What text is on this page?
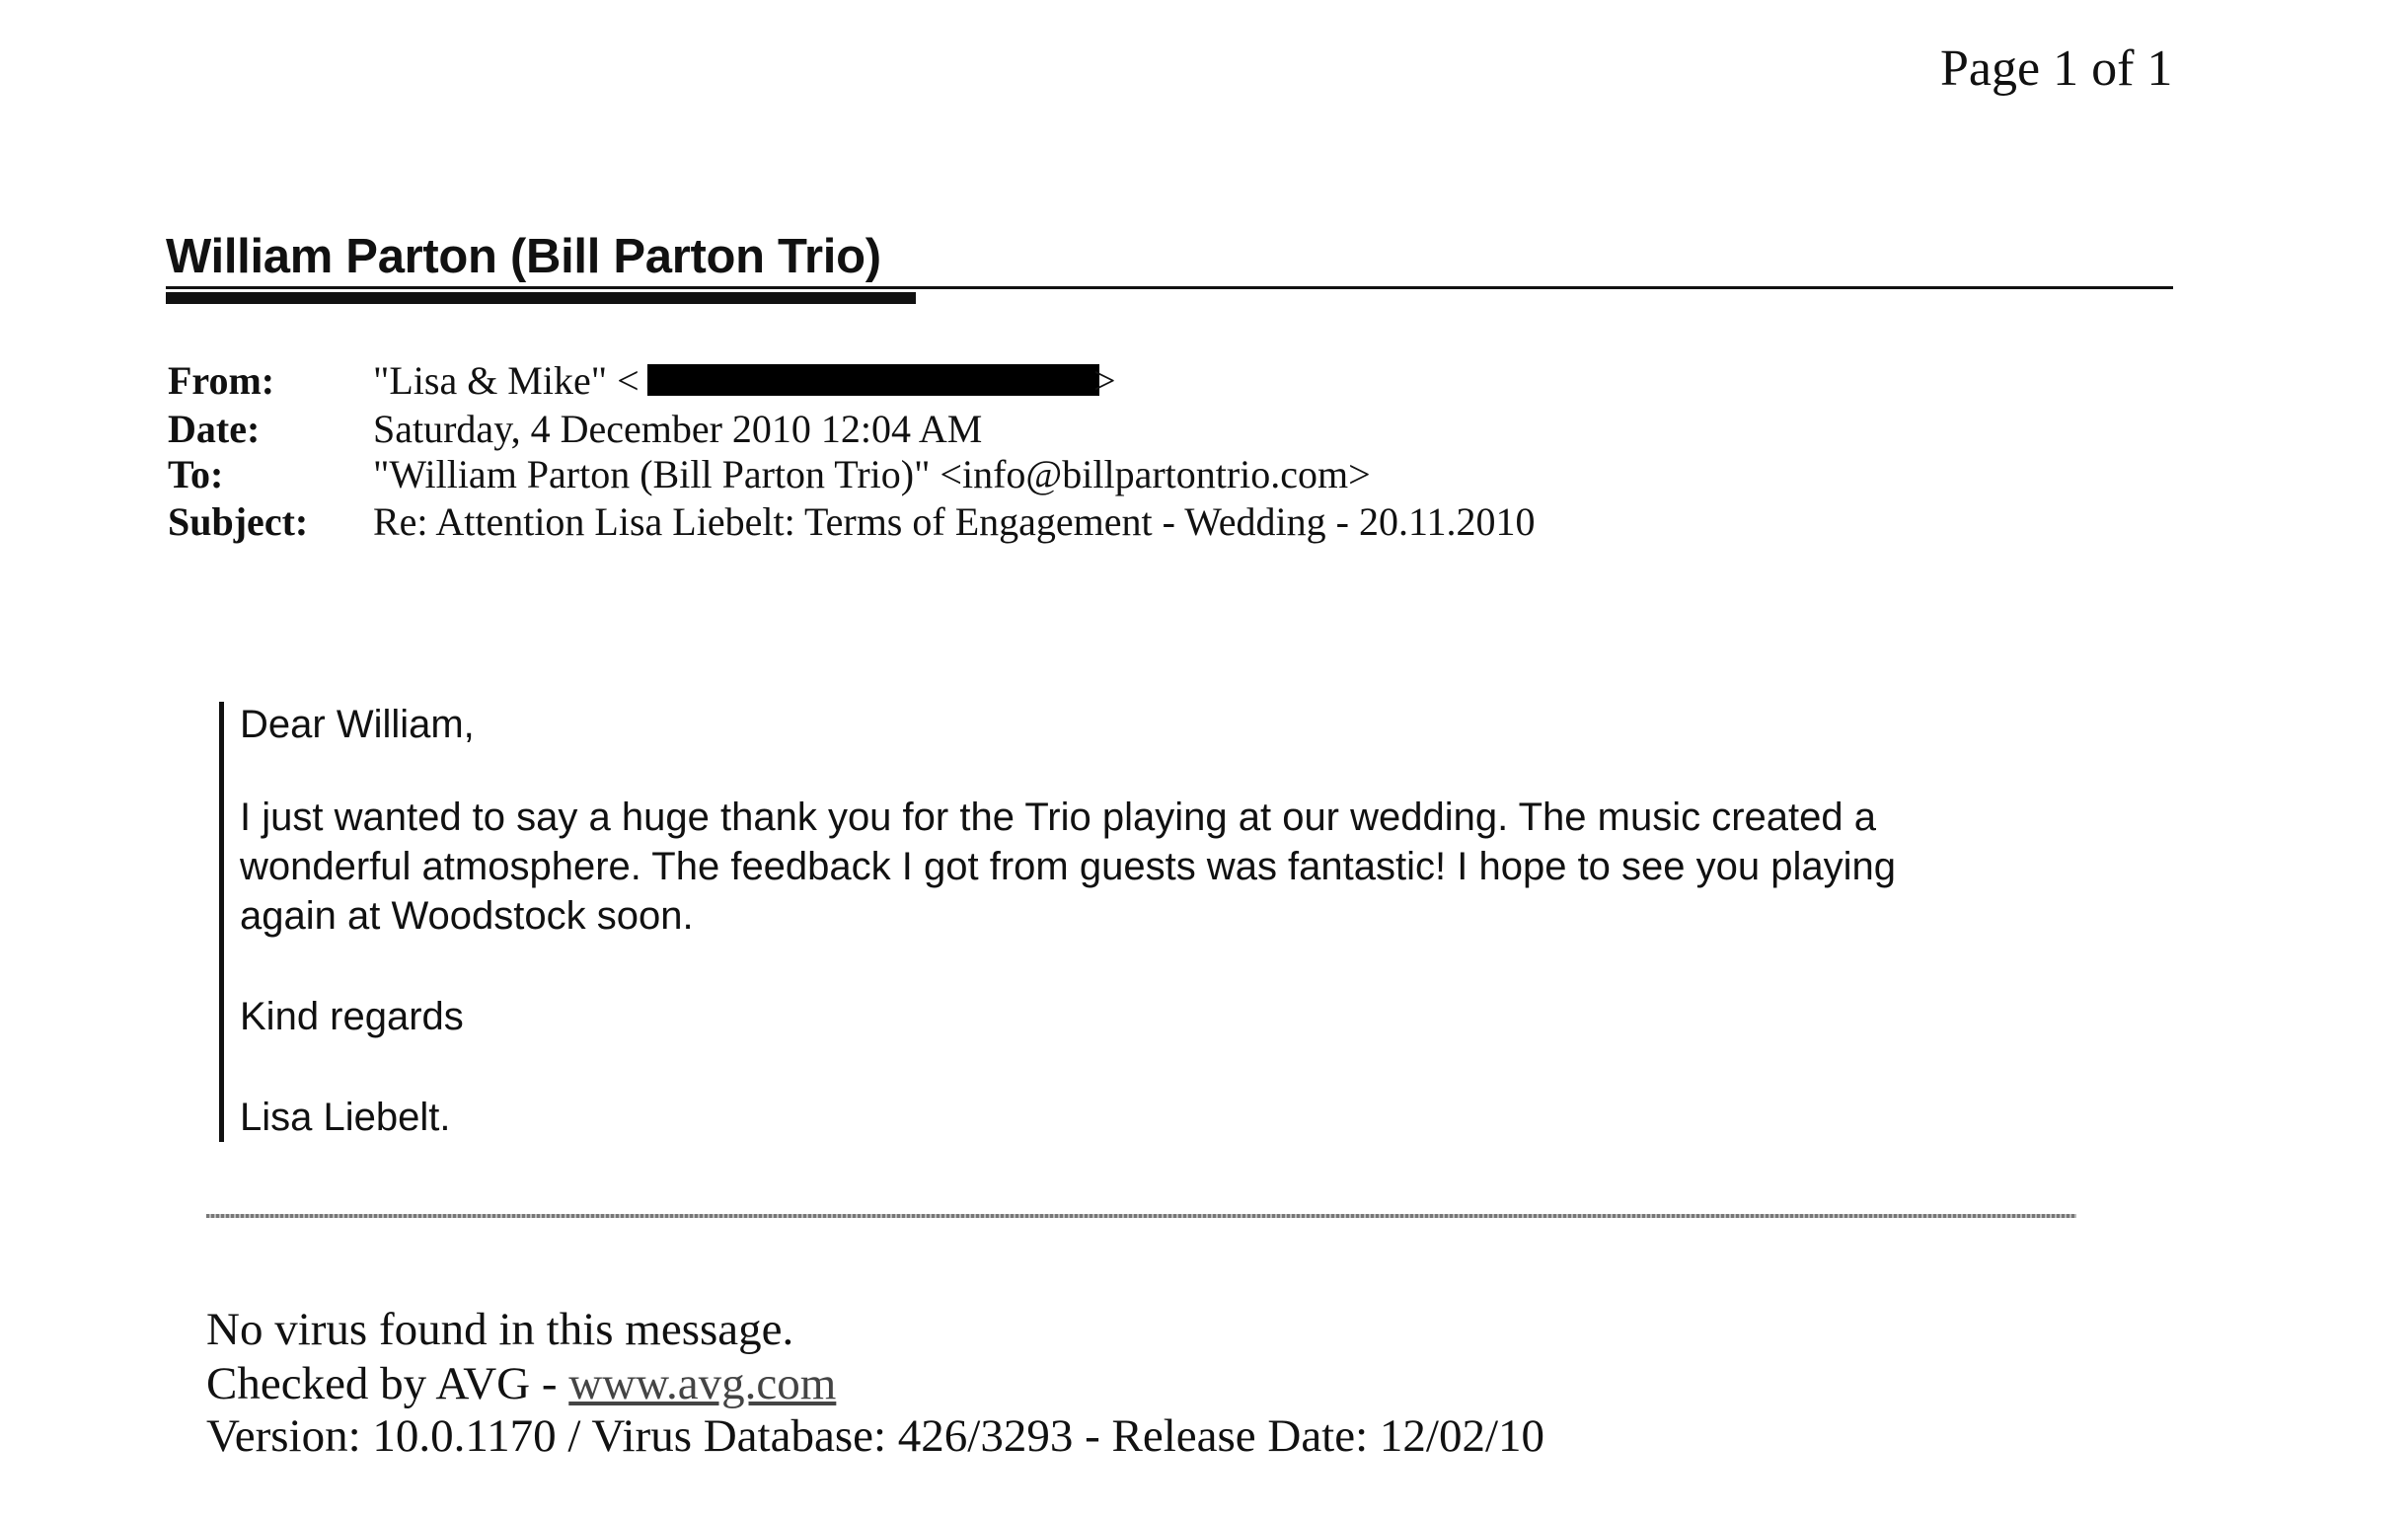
Page 1 of 1
William Parton (Bill Parton Trio)
From: "Lisa & Mike" <	>
Date:	Saturday, 4 December 2010 12:04 AM
To:	"William Parton (Bill Parton Trio)" <info@billpartontrio.com>
Subject: Re: Attention Lisa Liebelt: Terms of Engagement - Wedding - 20.11.2010
Dear William,
I just wanted to say a huge thank you for the Trio playing at our wedding. The music created a
wonderful atmosphere. The feedback I got from guests was fantastic! I hope to see you playing
again at Woodstock soon.
Kind regards
Lisa Liebelt.
No virus found in this message.
Checked by AVG - www.avg.com
Version: 10.0.1170 / Virus Database: 426/3293 - Release Date: 12/02/10
